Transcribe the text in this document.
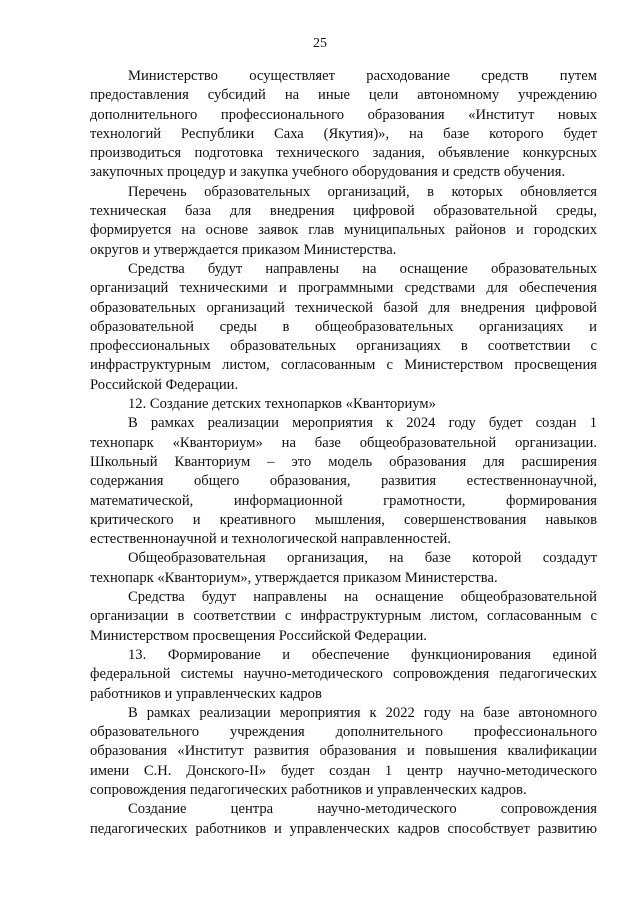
25
Министерство осуществляет расходование средств путем
предоставления субсидий на иные цели автономному учреждению
дополнительного профессионального образования «Институт новых
технологий Республики Саха (Якутия)», на базе которого будет
производиться подготовка технического задания, объявление конкурсных
закупочных процедур и закупка учебного оборудования и средств обучения.
Перечень образовательных организаций, в которых обновляется
техническая база для внедрения цифровой образовательной среды,
формируется на основе заявок глав муниципальных районов и городских
округов и утверждается приказом Министерства.
Средства будут направлены на оснащение образовательных
организаций техническими и программными средствами для обеспечения
образовательных организаций технической базой для внедрения цифровой
образовательной среды в общеобразовательных организациях и
профессиональных образовательных организациях в соответствии с
инфраструктурным листом, согласованным с Министерством просвещения
Российской Федерации.
12. Создание детских технопарков «Кванториум»
В рамках реализации мероприятия к 2024 году будет создан 1
технопарк «Кванториум» на базе общеобразовательной организации.
Школьный Кванториум – это модель образования для расширения
содержания общего образования, развития естественнонаучной,
математической, информационной грамотности, формирования
критического и креативного мышления, совершенствования навыков
естественнонаучной и технологической направленностей.
Общеобразовательная организация, на базе которой создадут
технопарк «Кванториум», утверждается приказом Министерства.
Средства будут направлены на оснащение общеобразовательной
организации в соответствии с инфраструктурным листом, согласованным с
Министерством просвещения Российской Федерации.
13. Формирование и обеспечение функционирования единой
федеральной системы научно-методического сопровождения педагогических
работников и управленческих кадров
В рамках реализации мероприятия к 2022 году на базе автономного
образовательного учреждения дополнительного профессионального
образования «Институт развития образования и повышения квалификации
имени С.Н. Донского-II» будет создан 1 центр научно-методического
сопровождения педагогических работников и управленческих кадров.
Создание центра научно-методического сопровождения
педагогических работников и управленческих кадров способствует развитию
